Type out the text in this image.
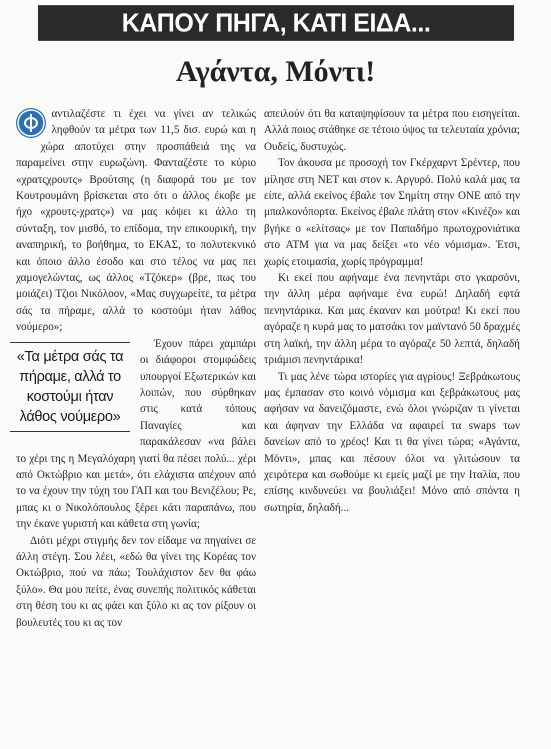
ΚΑΠΟΥ ΠΗΓΑ, ΚΑΤΙ ΕΙΔΑ...
Αγάντα, Μόντι!

αντιλαζέστε τι έχει να γίνει αν τελικώς ληφθούν τα μέτρα των 11,5 δισ. ευρώ και η χώρα αποτύχει στην προσπάθειά της να παραμείνει στην ευρωζώνη. Φανταζέστε το κύριο «χρατςχρουτς» Βρούτσης (η διαφορά του με τον Κουτρουμάνη βρίσκεται στο ότι ο άλλος έκοβε με ήχο «χρουτς-χρατς») να μας κόψει κι άλλο τη σύνταξη, τον μισθό, το επίδομα, την επικουρική, την αναπηρική, το βοήθημα, το ΕΚΑΣ, το πολυτεκνικό και όποιο άλλο έσοδο και στο τέλος να μας πει χαμογελώντας, ως άλλος «Τζόκερ» (βρε, πως του μοιάζει) Τζιοι Νικόλοον, «Μας συγχωρείτε, τα μέτρα σάς τα πήραμε, αλλά το κοστούμι ήταν λάθος νούμερο»;

«Τα μέτρα σάς τα πήραμε, αλλά το κοστούμι ήταν λάθος νούμερο»

Έχουν πάρει χαμπάρι οι διάφοροι στομφώδεις υπουργοί Εξωτερικών και λοιπών, που σύρθηκαν στις κατά τόπους Παναγίες και παρακάλεσαν «να βάλει το χέρι της η Μεγαλόχαρη γιατί θα πέσει πολύ... χέρι από Οκτώβριο και μετά», ότι ελάχιστα απέχουν από το να έχουν την τύχη του ΓΑΠ και του Βενιζέλου; Ρε, μπας κι ο Νικολόπουλος ξέρει κάτι παραπάνω, που την έκανε γυριστή και κάθετα στη γωνία;

Διότι μέχρι στιγμής δεν τον είδαμε να πηγαίνει σε άλλη στέγη. Σου λέει, «εδώ θα γίνει της Κορέας τον Οκτώβριο, πού να πάω; Τουλάχιστον δεν θα φάω ξύλο». Θα μου πείτε, ένας συνεπής πολιτικός κάθεται στη θέση του κι ας φάει και ξύλο κι ας τον ρίξουν οι βουλευτές του κι ας τον

απειλούν ότι θα καταψηφίσουν τα μέτρα που εισηγείται. Αλλά ποιος στάθηκε σε τέτοιο ύψος τα τελευταία χρόνια; Ουδείς, δυστυχώς.

Τον άκουσα με προσοχή τον Γκέρχαρντ Σρέντερ, που μίλησε στη ΝΕΤ και στον κ. Αργυρό. Πολύ καλά μας τα είπε, αλλά εκείνος έβαλε τον Σημίτη στην ΟΝΕ από την μπαλκονόπορτα. Εκείνος έβαλε πλάτη στον «Κινέζο» και βγήκε ο «ελίτσας» με τον Παπαδήμο πρωτοχρονιάτικα στο ATM για να μας δείξει «το νέο νόμισμα». Έτσι, χωρίς ετοιμασία, χωρίς πρόγραμμα!

Κι εκεί που αφήναμε ένα πενηντάρι στο γκαρσόνι, την άλλη μέρα αφήναμε ένα ευρώ! Δηλαδή εφτά πενηντάρικα. Και μας έκαναν και μούτρα! Κι εκεί που αγόραζε η κυρά μας το ματσάκι τον μαϊντανό 50 δραχμές στη λαϊκή, την άλλη μέρα το αγόραζε 50 λεπτά, δηλαδή τριάμισι πενηντάρικα!

Τι μας λένε τώρα ιστορίες για αγρίους! Ξεβράκωτους μας έμπασαν στο κοινό νόμισμα και ξεβράκωτους μας αφήσαν να δανειζόμαστε, ενώ όλοι γνώριζαν τι γίνεται και άφηναν την Ελλάδα να αφαιρεί τα swaps των δανείων από το χρέος! Και τι θα γίνει τώρα; «Αγάντα, Μόντι», μπας και πέσουν όλοι να γλιτώσουν τα χειρότερα και σωθούμε κι εμείς μαζί με την Ιταλία, που επίσης κινδυνεύει να βουλιάξει! Μόνο από σπόντα η σωτηρία, δηλαδή...
